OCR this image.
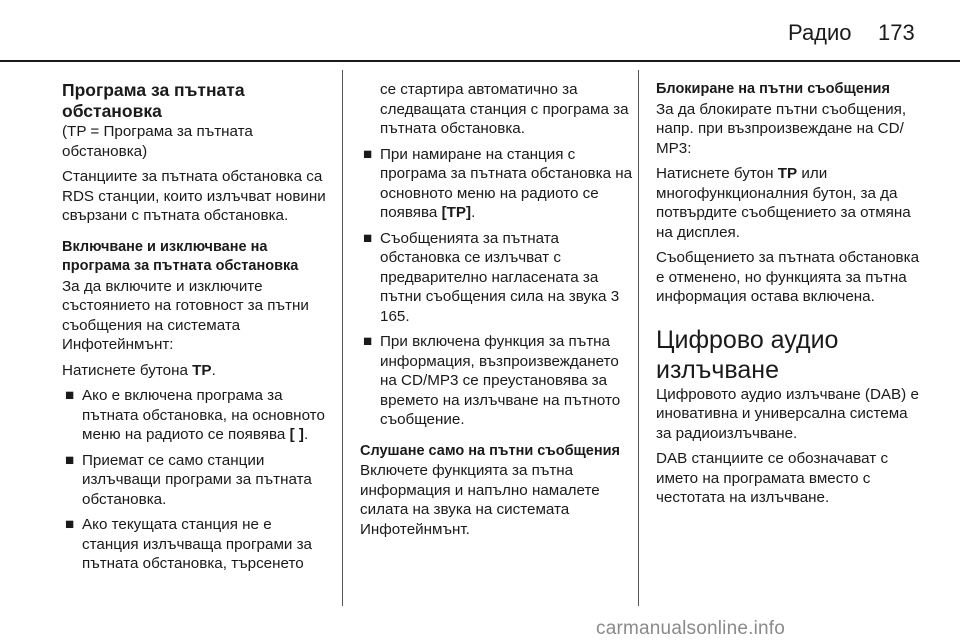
Радио 173
Програма за пътната обстановка

(TP = Програма за пътната обстановка)

Станциите за пътната обстановка са RDS станции, които излъчват новини свързани с пътната обстановка.

Включване и изключване на програма за пътната обстановка

За да включите и изключите състоянието на готовност за пътни съобщения на системата Инфотейнмънт:

Натиснете бутона TP.

■ Ако е включена програма за пътната обстановка, на основното меню на радиото се появява [ ].
■ Приемат се само станции излъчващи програми за пътната обстановка.
■ Ако текущата станция не е станция излъчваща програми за пътната обстановка, търсенето

се стартира автоматично за следващата станция с програма за пътната обстановка.

■ При намиране на станция с програма за пътната обстановка на основното меню на радиото се появява [TP].
■ Съобщенията за пътната обстановка се излъчват с предварително нагласената за пътни съобщения сила на звука 3 165.
■ При включена функция за пътна информация, възпроизвеждането на CD/MP3 се преустановява за времето на излъчване на пътното съобщение.
Слушане само на пътни съобщения

Включете функцията за пътна информация и напълно намалете силата на звука на системата Инфотейнмънт.

Блокиране на пътни съобщения

За да блокирате пътни съобщения, напр. при възпроизвеждане на CD/ MP3:

Натиснете бутон TP или многофункционалния бутон, за да потвърдите съобщението за отмяна на дисплея.

Съобщението за пътната обстановка е отменено, но функцията за пътна информация остава включена.

Цифрово аудио излъчване

Цифровото аудио излъчване (DAB) е иновативна и универсална система за радиоизлъчване.

DAB станциите се обозначават с името на програмата вместо с честотата на излъчване.

carmanualsonline.info
